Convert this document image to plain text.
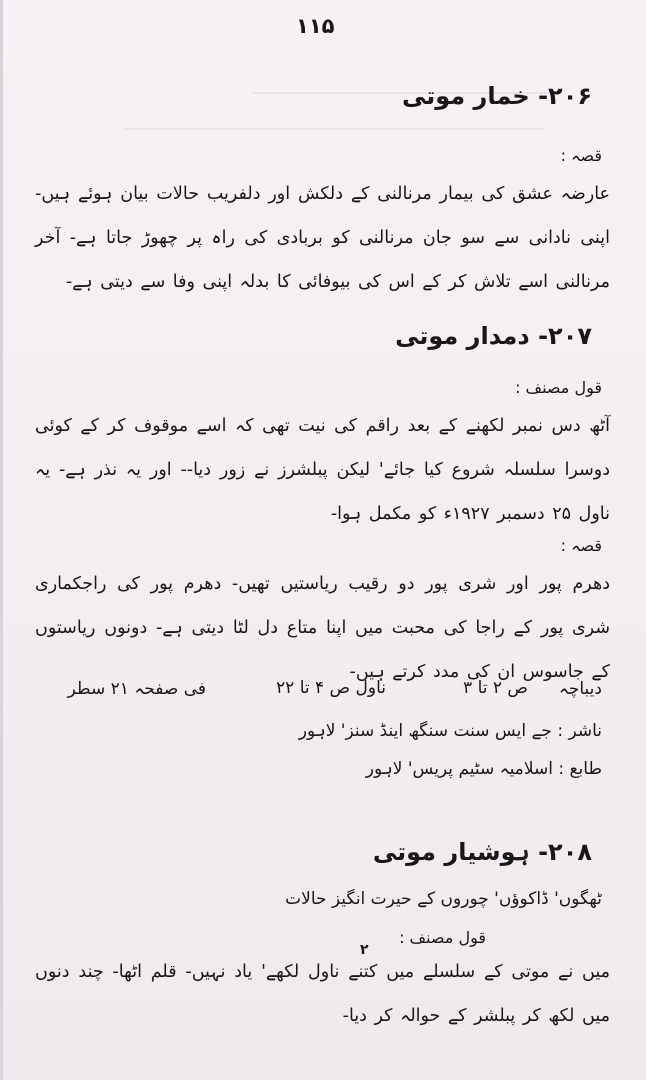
۱۱۵
۲۰۶- خمار موتی
قصہ :
عارضہ عشق کی بیمار مرنالنی کے دلکش اور دلفریب حالات بیان ہوئے ہیں- اپنی نادانی سے سو جان مرنالنی کو بربادی کی راہ پر چھوڑ جاتا ہے- آخر مرنالنی اسے تلاش کر کے اس کی بیوفائی کا بدلہ اپنی وفا سے دیتی ہے-
۲۰۷- دمدار موتی
قول مصنف :
آٹھ دس نمبر لکھنے کے بعد راقم کی نیت تھی کہ اسے موقوف کر کے کوئی دوسرا سلسلہ شروع کیا جائے' لیکن پبلشرز نے زور دیا-- اور یہ نذر ہے- یہ ناول ۲۵ دسمبر ۱۹۲۷ء کو مکمل ہوا-
قصہ :
دھرم پور اور شری پور دو رقیب ریاستیں تھیں- دھرم پور کی راجکماری شری پور کے راجا کی محبت میں اپنا متاع دل لٹا دیتی ہے- دونوں ریاستوں کے جاسوس ان کی مدد کرتے ہیں-
دیباچہ
ص ۲ تا ۳
ناول ص ۴ تا ۲۲
فی صفحہ ۲۱ سطر
ناشر : جے ایس سنت سنگھ اینڈ سنز' لاہور
طابع : اسلامیہ سٹیم پریس' لاہور
۲۰۸- ہوشیار موتی
ٹھگوں' ڈاکوؤں' چوروں کے حیرت انگیز حالات
قول مصنف :
۲
میں نے موتی کے سلسلے میں کتنے ناول لکھے' یاد نہیں- قلم اٹھا- چند دنوں میں لکھ کر پبلشر کے حوالہ کر دیا-
